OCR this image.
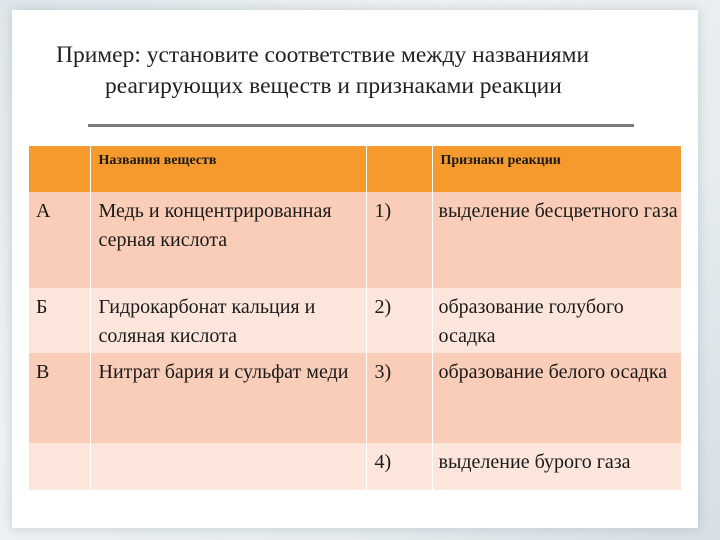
Пример: установите соответствие между названиями
реагирующих веществ и признаками реакции

	Названия веществ		Признаки реакции

А	Медь и концентрированная серная кислота	1)	выделение бесцветного газа

Б	Гидрокарбонат кальция и соляная кислота	2)	образование голубого осадка

В	Нитрат бария и сульфат меди	3)	образование белого осадка

		4)	выделение бурого газа
